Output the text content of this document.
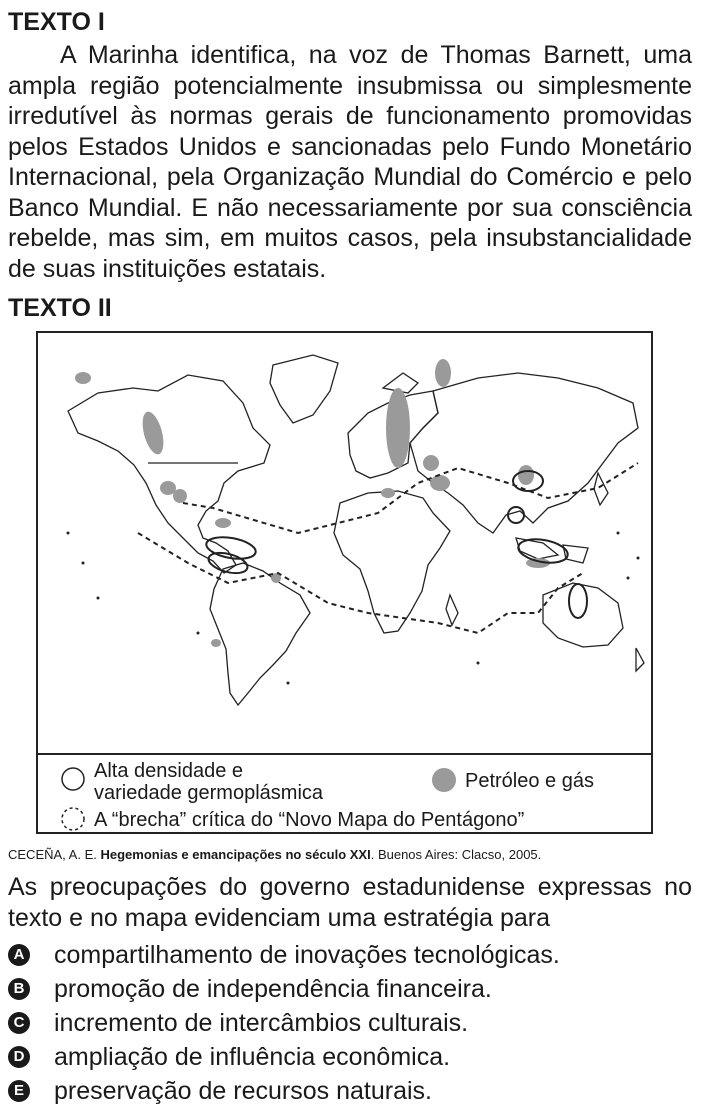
TEXTO I
A Marinha identifica, na voz de Thomas Barnett, uma ampla região potencialmente insubmissa ou simplesmente irredutível às normas gerais de funcionamento promovidas pelos Estados Unidos e sancionadas pelo Fundo Monetário Internacional, pela Organização Mundial do Comércio e pelo Banco Mundial. E não necessariamente por sua consciência rebelde, mas sim, em muitos casos, pela insubstancialidade de suas instituições estatais.
TEXTO II
Alta densidade e
variedade germoplásmica
Petróleo e gás
A “brecha” crítica do “Novo Mapa do Pentágono”
CECEÑA, A. E. Hegemonias e emancipações no século XXI. Buenos Aires: Clacso, 2005.
As preocupações do governo estadunidense expressas no texto e no mapa evidenciam uma estratégia para
A compartilhamento de inovações tecnológicas.
B promoção de independência financeira.
C incremento de intercâmbios culturais.
D ampliação de influência econômica.
E preservação de recursos naturais.
